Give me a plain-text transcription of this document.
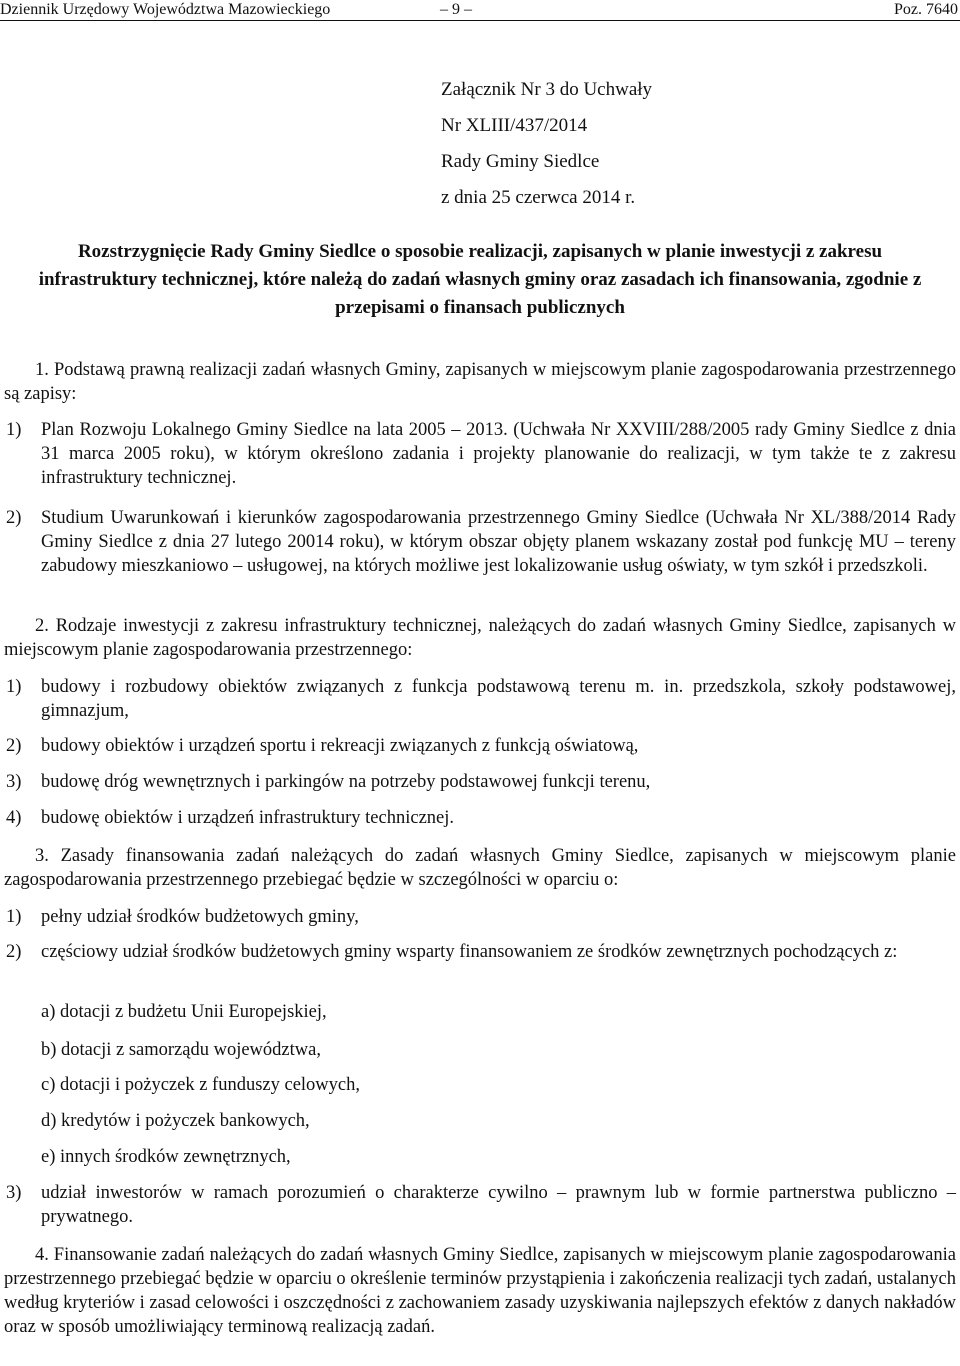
Dziennik Urzędowy Województwa Mazowieckiego	– 9 –	Poz. 7640
Załącznik Nr 3 do Uchwały
Nr XLIII/437/2014
Rady Gminy Siedlce
z dnia 25 czerwca 2014 r.
Rozstrzygnięcie Rady Gminy Siedlce o sposobie realizacji, zapisanych w planie inwestycji z zakresu infrastruktury technicznej, które należą do zadań własnych gminy oraz zasadach ich finansowania, zgodnie z przepisami o finansach publicznych
1. Podstawą prawną realizacji zadań własnych Gminy, zapisanych w miejscowym planie zagospodarowania przestrzennego są zapisy:
1) Plan Rozwoju Lokalnego Gminy Siedlce na lata 2005 – 2013. (Uchwała Nr XXVIII/288/2005 rady Gminy Siedlce z dnia 31 marca 2005 roku), w którym określono zadania i projekty planowanie do realizacji, w tym także te z zakresu infrastruktury technicznej.
2) Studium Uwarunkowań i kierunków zagospodarowania przestrzennego Gminy Siedlce (Uchwała Nr XL/388/2014 Rady Gminy Siedlce z dnia 27 lutego 20014 roku), w którym obszar objęty planem wskazany został pod funkcję MU – tereny zabudowy mieszkaniowo – usługowej, na których możliwe jest lokalizowanie usług oświaty, w tym szkół i przedszkoli.
2. Rodzaje inwestycji z zakresu infrastruktury technicznej, należących do zadań własnych Gminy Siedlce, zapisanych w miejscowym planie zagospodarowania przestrzennego:
1) budowy i rozbudowy obiektów związanych z funkcja podstawową terenu m. in. przedszkola, szkoły podstawowej, gimnazjum,
2) budowy obiektów i urządzeń sportu i rekreacji związanych z funkcją oświatową,
3) budowę dróg wewnętrznych i parkingów na potrzeby podstawowej funkcji terenu,
4) budowę obiektów i urządzeń infrastruktury technicznej.
3. Zasady finansowania zadań należących do zadań własnych Gminy Siedlce, zapisanych w miejscowym planie zagospodarowania przestrzennego przebiegać będzie w szczególności w oparciu o:
1) pełny udział środków budżetowych gminy,
2) częściowy udział środków budżetowych gminy wsparty finansowaniem ze środków zewnętrznych pochodzących z:
a) dotacji z budżetu Unii Europejskiej,
b) dotacji z samorządu województwa,
c) dotacji i pożyczek z funduszy celowych,
d) kredytów i pożyczek bankowych,
e) innych środków zewnętrznych,
3) udział inwestorów w ramach porozumień o charakterze cywilno – prawnym lub w formie partnerstwa publiczno – prywatnego.
4. Finansowanie zadań należących do zadań własnych Gminy Siedlce, zapisanych w miejscowym planie zagospodarowania przestrzennego przebiegać będzie w oparciu o określenie terminów przystąpienia i zakończenia realizacji tych zadań, ustalanych według kryteriów i zasad celowości i oszczędności z zachowaniem zasady uzyskiwania najlepszych efektów z danych nakładów oraz w sposób umożliwiający terminową realizacją zadań.
